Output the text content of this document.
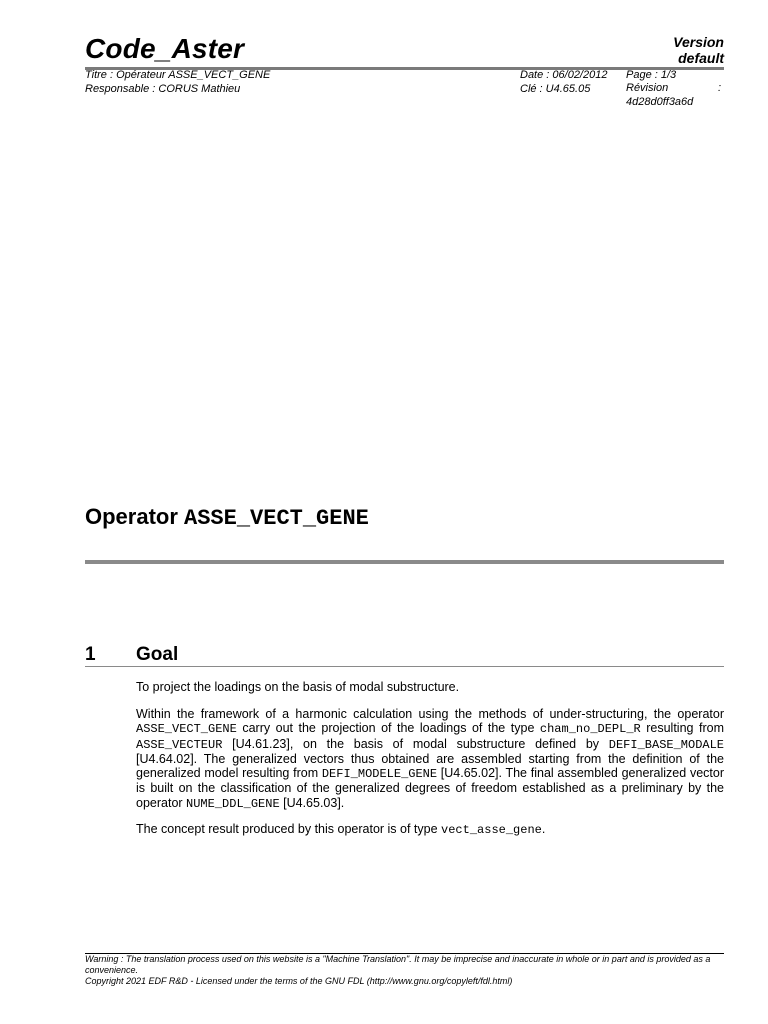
Code_Aster	Version
default
Titre : Opérateur ASSE_VECT_GENE
Responsable : CORUS Mathieu
Date : 06/02/2012
Clé : U4.65.05
Page : 1/3
Révision	:
4d28d0ff3a6d
Operator ASSE_VECT_GENE
1 Goal
To project the loadings on the basis of modal substructure.
Within the framework of a harmonic calculation using the methods of under-structuring, the operator ASSE_VECT_GENE carry out the projection of the loadings of the type cham_no_DEPL_R resulting from ASSE_VECTEUR [U4.61.23], on the basis of modal substructure defined by DEFI_BASE_MODALE [U4.64.02]. The generalized vectors thus obtained are assembled starting from the definition of the generalized model resulting from DEFI_MODELE_GENE [U4.65.02]. The final assembled generalized vector is built on the classification of the generalized degrees of freedom established as a preliminary by the operator NUME_DDL_GENE [U4.65.03].
The concept result produced by this operator is of type vect_asse_gene.
Warning : The translation process used on this website is a "Machine Translation". It may be imprecise and inaccurate in whole or in part and is provided as a convenience.
Copyright 2021 EDF R&D - Licensed under the terms of the GNU FDL (http://www.gnu.org/copyleft/fdl.html)
